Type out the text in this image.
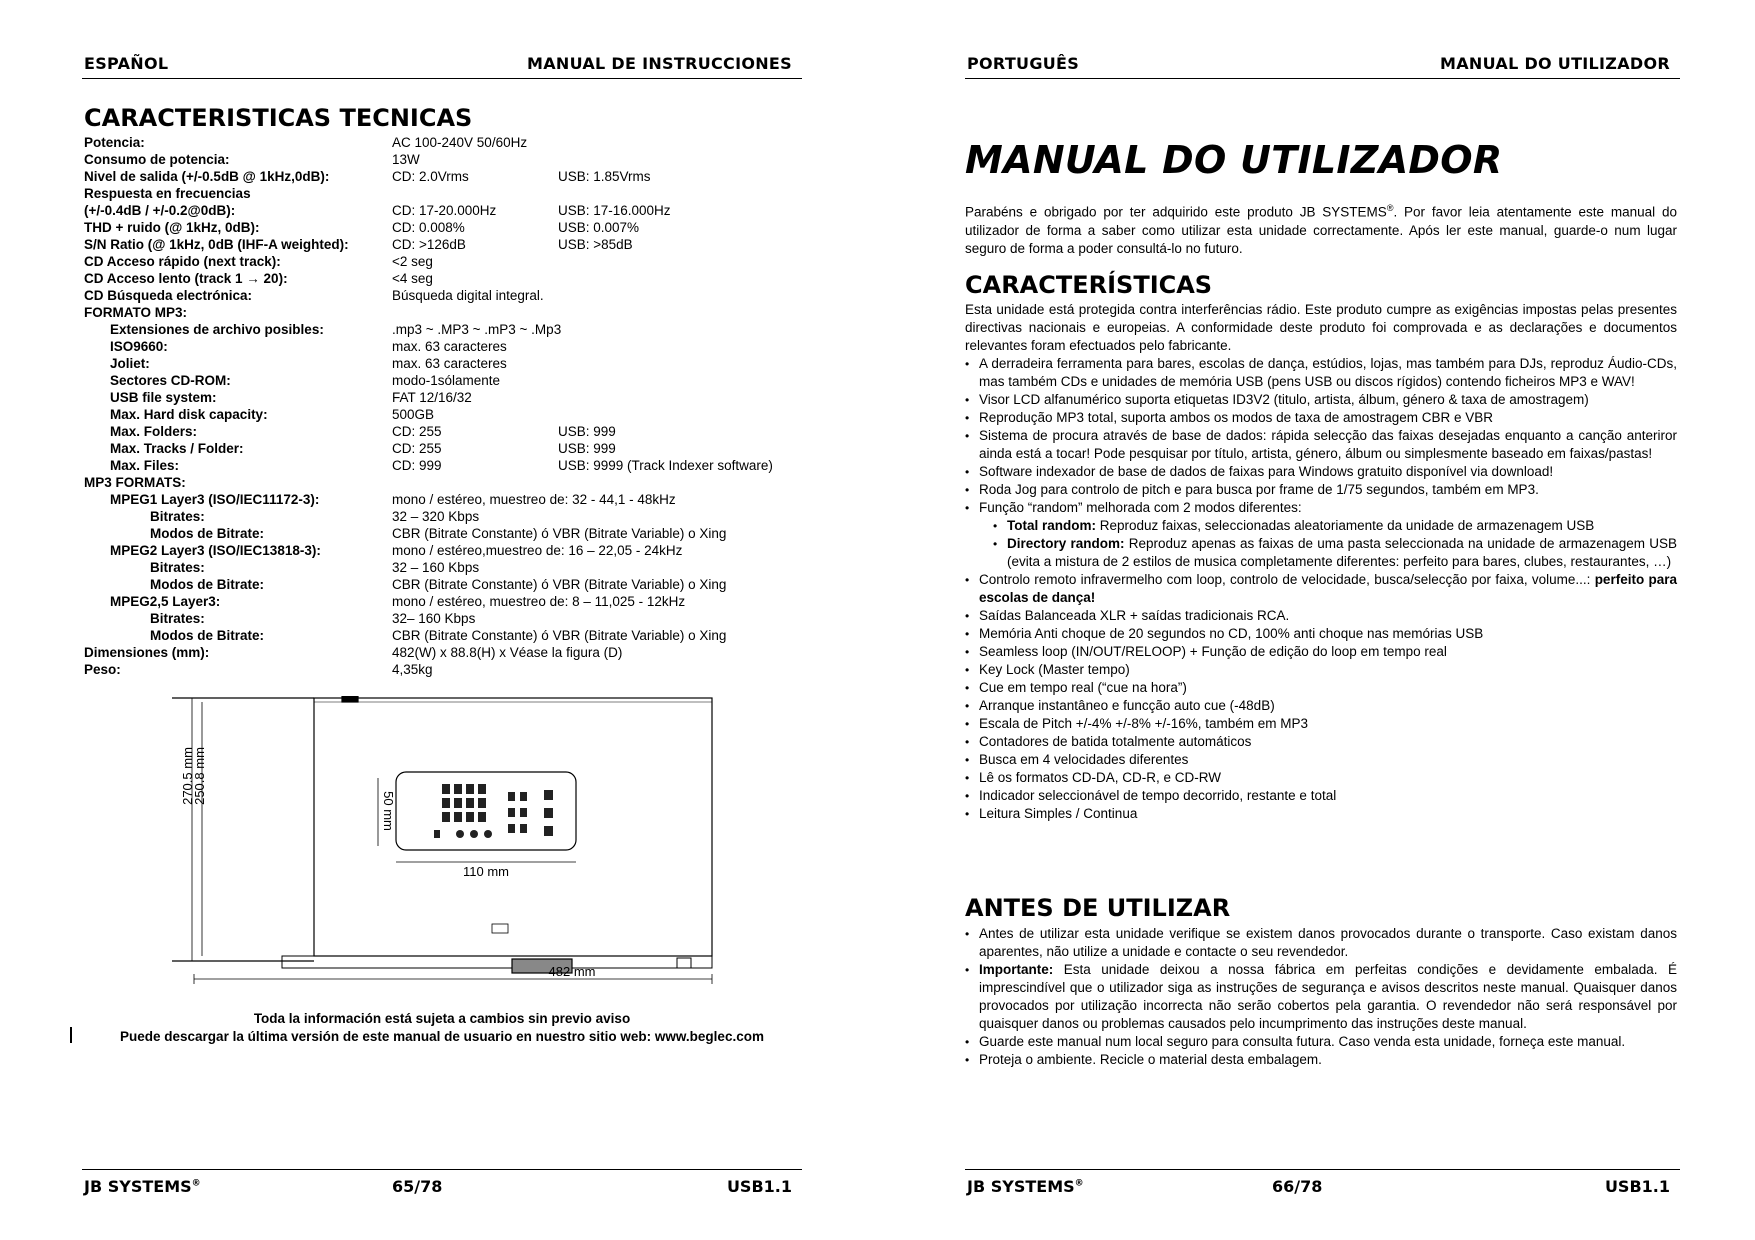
ESPAÑOL	MANUAL DE INSTRUCCIONES
CARACTERISTICAS TECNICAS
Potencia:	AC 100-240V 50/60Hz
Consumo de potencia:	13W
Nivel de salida (+/-0.5dB @ 1kHz,0dB):	CD: 2.0Vrms	USB: 1.85Vrms
Respuesta en frecuencias
(+/-0.4dB / +/-0.2@0dB):	CD: 17-20.000Hz	USB: 17-16.000Hz
THD + ruido (@ 1kHz, 0dB):	CD: 0.008%	USB: 0.007%
S/N Ratio (@ 1kHz, 0dB (IHF-A weighted):	CD: >126dB	USB: >85dB
CD Acceso rápido (next track):	<2 seg
CD Acceso lento (track 1 → 20):	<4 seg
CD Búsqueda electrónica:	Búsqueda digital integral.
FORMATO MP3:
Extensiones de archivo posibles:	.mp3 ~ .MP3 ~ .mP3 ~ .Mp3
ISO9660:	max. 63 caracteres
Joliet:	max. 63 caracteres
Sectores CD-ROM:	modo-1sólamente
USB file system:	FAT 12/16/32
Max. Hard disk capacity:	500GB
Max. Folders:	CD: 255	USB: 999
Max. Tracks / Folder:	CD: 255	USB: 999
Max. Files:	CD: 999	USB: 9999 (Track Indexer software)
MP3 FORMATS:
MPEG1 Layer3 (ISO/IEC11172-3):	mono / estéreo, muestreo de: 32 - 44,1 - 48kHz
Bitrates:	32 – 320 Kbps
Modos de Bitrate:	CBR (Bitrate Constante) ó VBR (Bitrate Variable) o Xing
MPEG2 Layer3 (ISO/IEC13818-3):	mono / estéreo,muestreo de: 16 – 22,05 - 24kHz
Bitrates:	32 – 160 Kbps
Modos de Bitrate:	CBR (Bitrate Constante) ó VBR (Bitrate Variable) o Xing
MPEG2,5 Layer3:	mono / estéreo, muestreo de: 8 – 11,025 - 12kHz
Bitrates:	32– 160 Kbps
Modos de Bitrate:	CBR (Bitrate Constante) ó VBR (Bitrate Variable) o Xing
Dimensiones (mm):	482(W) x 88.8(H) x Véase la figura (D)
Peso:	4,35kg
270.5 mm
250.8 mm
50 mm
110 mm
482 mm
Toda la información está sujeta a cambios sin previo aviso
Puede descargar la última versión de este manual de usuario en nuestro sitio web: www.beglec.com
JB SYSTEMS®	65/78	USB1.1
PORTUGUÊS	MANUAL DO UTILIZADOR
MANUAL DO UTILIZADOR

Parabéns e obrigado por ter adquirido este produto JB SYSTEMS®. Por favor leia atentamente este manual do utilizador de forma a saber como utilizar esta unidade correctamente. Após ler este manual, guarde-o num lugar seguro de forma a poder consultá-lo no futuro.

CARACTERÍSTICAS

Esta unidade está protegida contra interferências rádio. Este produto cumpre as exigências impostas pelas presentes directivas nacionais e europeias. A conformidade deste produto foi comprovada e as declarações e documentos relevantes foram efectuados pelo fabricante.

• A derradeira ferramenta para bares, escolas de dança, estúdios, lojas, mas também para DJs, reproduz Áudio-CDs, mas também CDs e unidades de memória USB (pens USB ou discos rígidos) contendo ficheiros MP3 e WAV!
• Visor LCD alfanumérico suporta etiquetas ID3V2 (titulo, artista, álbum, género & taxa de amostragem)
• Reprodução MP3 total, suporta ambos os modos de taxa de amostragem CBR e VBR
• Sistema de procura através de base de dados: rápida selecção das faixas desejadas enquanto a canção anteriror ainda está a tocar! Pode pesquisar por título, artista, género, álbum ou simplesmente baseado em faixas/pastas!
• Software indexador de base de dados de faixas para Windows gratuito disponível via download!
• Roda Jog para controlo de pitch e para busca por frame de 1/75 segundos, também em MP3.
• Função “random” melhorada com 2 modos diferentes:
• Total random: Reproduz faixas, seleccionadas aleatoriamente da unidade de armazenagem USB
• Directory random: Reproduz apenas as faixas de uma pasta seleccionada na unidade de armazenagem USB (evita a mistura de 2 estilos de musica completamente diferentes: perfeito para bares, clubes, restaurantes, …)
• Controlo remoto infravermelho com loop, controlo de velocidade, busca/selecção por faixa, volume...: perfeito para escolas de dança!
• Saídas Balanceada XLR + saídas tradicionais RCA.
• Memória Anti choque de 20 segundos no CD, 100% anti choque nas memórias USB
• Seamless loop (IN/OUT/RELOOP) + Função de edição do loop em tempo real
• Key Lock (Master tempo)
• Cue em tempo real (“cue na hora”)
• Arranque instantâneo e funcção auto cue (-48dB)
• Escala de Pitch +/-4% +/-8% +/-16%, também em MP3
• Contadores de batida totalmente automáticos
• Busca em 4 velocidades diferentes
• Lê os formatos CD-DA, CD-R, e CD-RW
• Indicador seleccionável de tempo decorrido, restante e total
• Leitura Simples / Continua
ANTES DE UTILIZAR
• Antes de utilizar esta unidade verifique se existem danos provocados durante o transporte. Caso existam danos aparentes, não utilize a unidade e contacte o seu revendedor.
• Importante: Esta unidade deixou a nossa fábrica em perfeitas condições e devidamente embalada. É imprescindível que o utilizador siga as instruções de segurança e avisos descritos neste manual. Quaisquer danos provocados por utilização incorrecta não serão cobertos pela garantia. O revendedor não será responsável por quaisquer danos ou problemas causados pelo incumprimento das instruções deste manual.
• Guarde este manual num local seguro para consulta futura. Caso venda esta unidade, forneça este manual.
• Proteja o ambiente. Recicle o material desta embalagem.
JB SYSTEMS®	66/78	USB1.1
